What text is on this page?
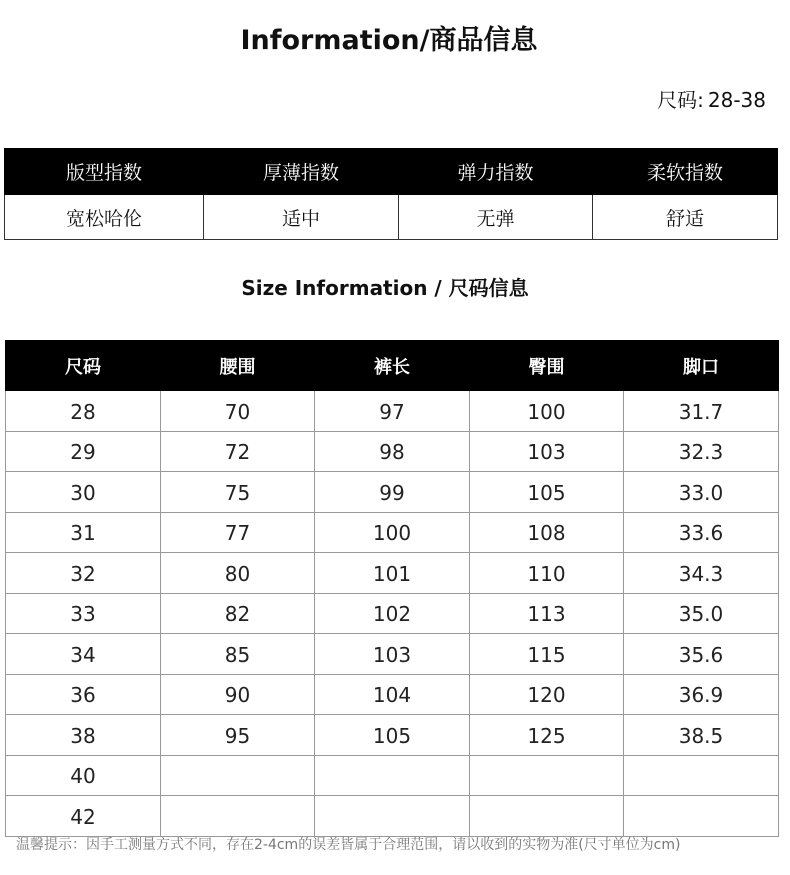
Information/商品信息
尺码: 28-38
版型指数	厚薄指数	弹力指数	柔软指数
宽松哈伦	适中	无弹	舒适
Size Information / 尺码信息
尺码	腰围	裤长	臀围	脚口
28	70	97	100	31.7
29	72	98	103	32.3
30	75	99	105	33.0
31	77	100	108	33.6
32	80	101	110	34.3
33	82	102	113	35.0
34	85	103	115	35.6
36	90	104	120	36.9
38	95	105	125	38.5
40				
42				
温馨提示：因手工测量方式不同，存在2-4cm的误差皆属于合理范围，请以收到的实物为准(尺寸单位为cm)
